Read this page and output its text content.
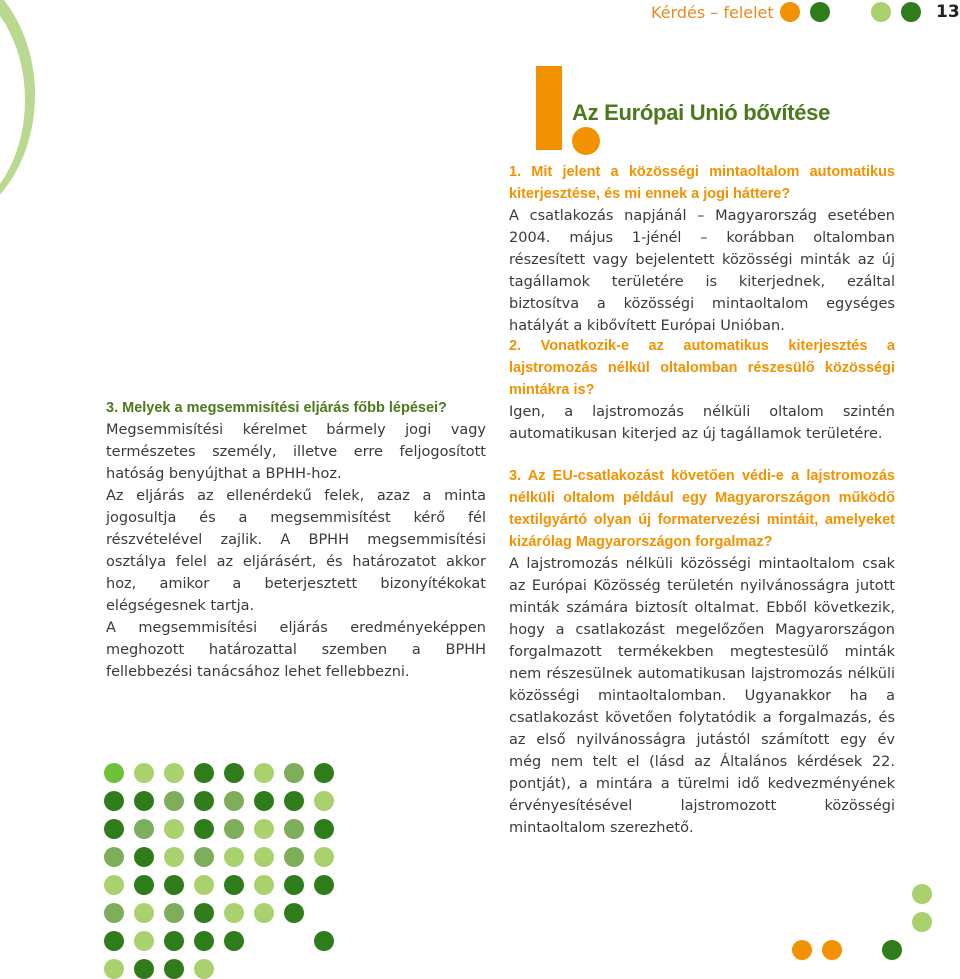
Kérdés – felelet	13
Az Európai Unió bővítése

1. Mit jelent a közösségi mintaoltalom automatikus kiterjesztése, és mi ennek a jogi háttere?

A csatlakozás napjánál – Magyarország esetében 2004. május 1-jénél – korábban oltalomban részesített vagy bejelentett közösségi minták az új tagállamok területére is kiterjednek, ezáltal biztosítva a közösségi mintaoltalom egységes hatályát a kibővített Európai Unióban.

2. Vonatkozik-e az automatikus kiterjesztés a lajstromozás nélkül oltalomban részesülő közösségi mintákra is?

Igen, a lajstromozás nélküli oltalom szintén automatikusan kiterjed az új tagállamok területére.

3. Az EU-csatlakozást követően védi-e a lajstromozás nélküli oltalom például egy Magyarországon működő textilgyártó olyan új formatervezési mintáit, amelyeket kizárólag Magyarországon forgalmaz?

A lajstromozás nélküli közösségi mintaoltalom csak az Európai Közösség területén nyilvánosságra jutott minták számára biztosít oltalmat. Ebből következik, hogy a csatlakozást megelőzően Magyarországon forgalmazott termékekben megtestesülő minták nem részesülnek automatikusan lajstromozás nélküli közösségi mintaoltalomban. Ugyanakkor ha a csatlakozást követően folytatódik a forgalmazás, és az első nyilvánosságra jutástól számított egy év még nem telt el (lásd az Általános kérdések 22. pontját), a mintára a türelmi idő kedvezményének érvényesítésével lajstromozott közösségi mintaoltalom szerezhető.

3. Melyek a megsemmisítési eljárás főbb lépései?

Megsemmisítési kérelmet bármely jogi vagy természetes személy, illetve erre feljogosított hatóság benyújthat a BPHH-hoz.

Az eljárás az ellenérdekű felek, azaz a minta jogosultja és a megsemmisítést kérő fél részvételével zajlik. A BPHH megsemmisítési osztálya felel az eljárásért, és határozatot akkor hoz, amikor a beterjesztett bizonyítékokat elégségesnek tartja.

A megsemmisítési eljárás eredményeképpen meghozott határozattal szemben a BPHH fellebbezési tanácsához lehet fellebbezni.
